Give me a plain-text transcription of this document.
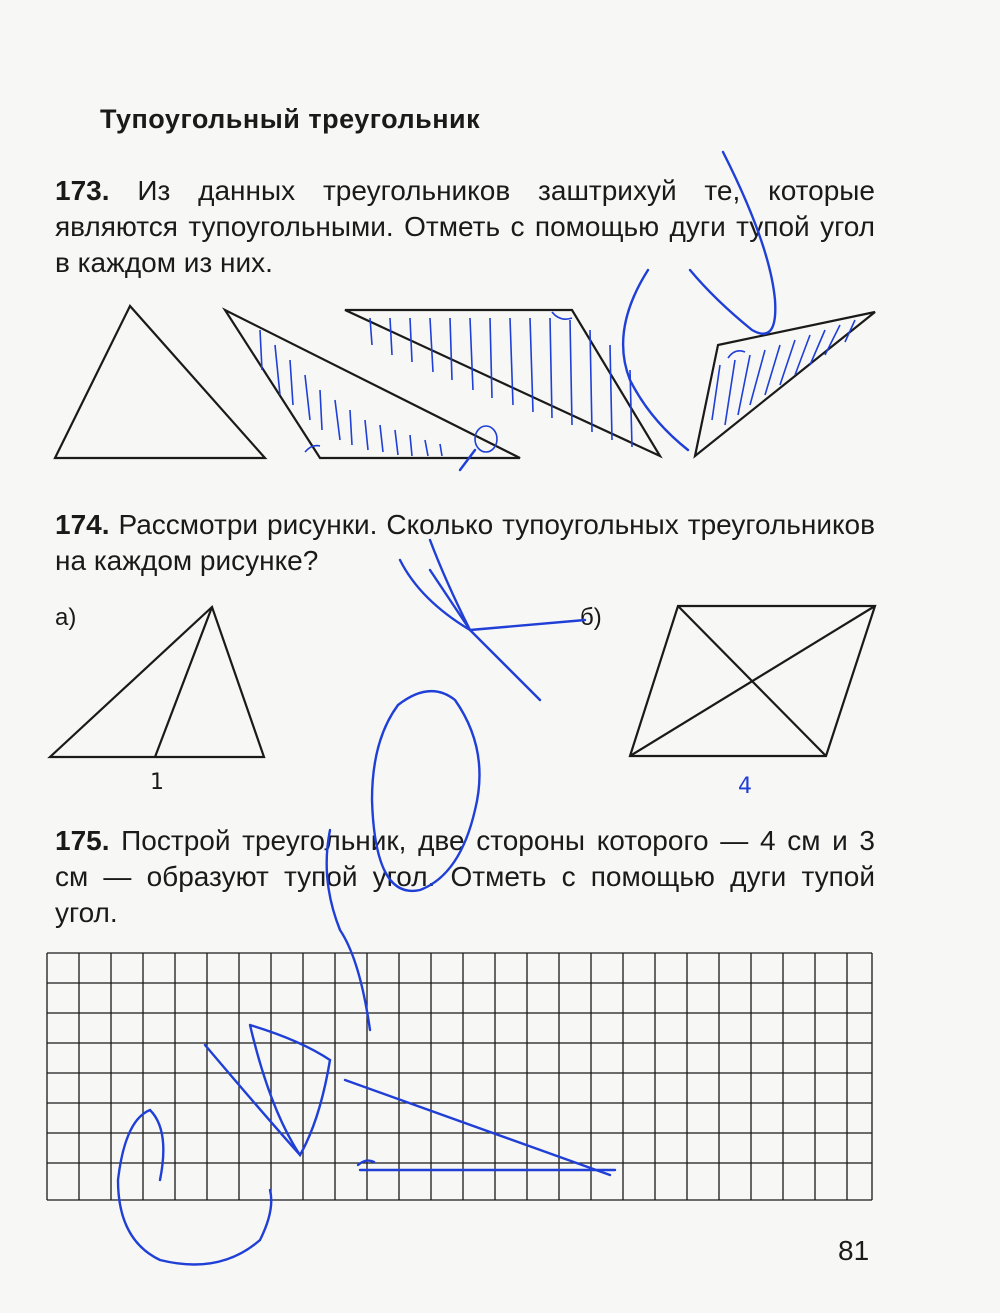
Тупоугольный треугольник

173. Из данных треугольников заштрихуй те, которые являются тупоугольными. Отметь с помощью дуги тупой угол в каждом из них.

174. Рассмотри рисунки. Сколько тупоугольных треугольников на каждом рисунке?

а)	б)

175. Построй треугольник, две стороны которого — 4 см и 3 см — образуют тупой угол. Отметь с помощью дуги тупой угол.

1	4
81
